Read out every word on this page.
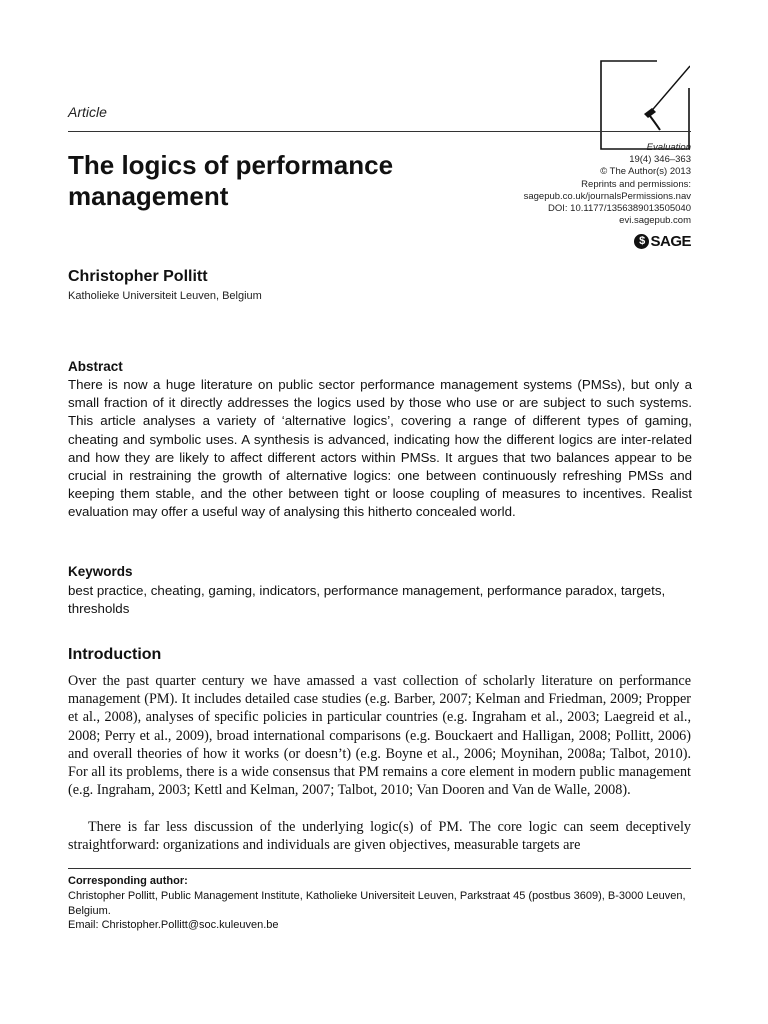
Article
The logics of performance management
Evaluation
19(4) 346–363
© The Author(s) 2013
Reprints and permissions:
sagepub.co.uk/journalsPermissions.nav
DOI: 10.1177/1356389013505040
evi.sagepub.com
$ SAGE
Christopher Pollitt
Katholieke Universiteit Leuven, Belgium
Abstract
There is now a huge literature on public sector performance management systems (PMSs), but only a small fraction of it directly addresses the logics used by those who use or are subject to such systems. This article analyses a variety of ‘alternative logics’, covering a range of different types of gaming, cheating and symbolic uses. A synthesis is advanced, indicating how the different logics are inter-related and how they are likely to affect different actors within PMSs. It argues that two balances appear to be crucial in restraining the growth of alternative logics: one between continuously refreshing PMSs and keeping them stable, and the other between tight or loose coupling of measures to incentives. Realist evaluation may offer a useful way of analysing this hitherto concealed world.
Keywords
best practice, cheating, gaming, indicators, performance management, performance paradox, targets, thresholds
Introduction
Over the past quarter century we have amassed a vast collection of scholarly literature on performance management (PM). It includes detailed case studies (e.g. Barber, 2007; Kelman and Friedman, 2009; Propper et al., 2008), analyses of specific policies in particular countries (e.g. Ingraham et al., 2003; Laegreid et al., 2008; Perry et al., 2009), broad international comparisons (e.g. Bouckaert and Halligan, 2008; Pollitt, 2006) and overall theories of how it works (or doesn’t) (e.g. Boyne et al., 2006; Moynihan, 2008a; Talbot, 2010). For all its problems, there is a wide consensus that PM remains a core element in modern public management (e.g. Ingraham, 2003; Kettl and Kelman, 2007; Talbot, 2010; Van Dooren and Van de Walle, 2008).
There is far less discussion of the underlying logic(s) of PM. The core logic can seem deceptively straightforward: organizations and individuals are given objectives, measurable targets are
Corresponding author:
Christopher Pollitt, Public Management Institute, Katholieke Universiteit Leuven, Parkstraat 45 (postbus 3609), B-3000 Leuven, Belgium.
Email: Christopher.Pollitt@soc.kuleuven.be
